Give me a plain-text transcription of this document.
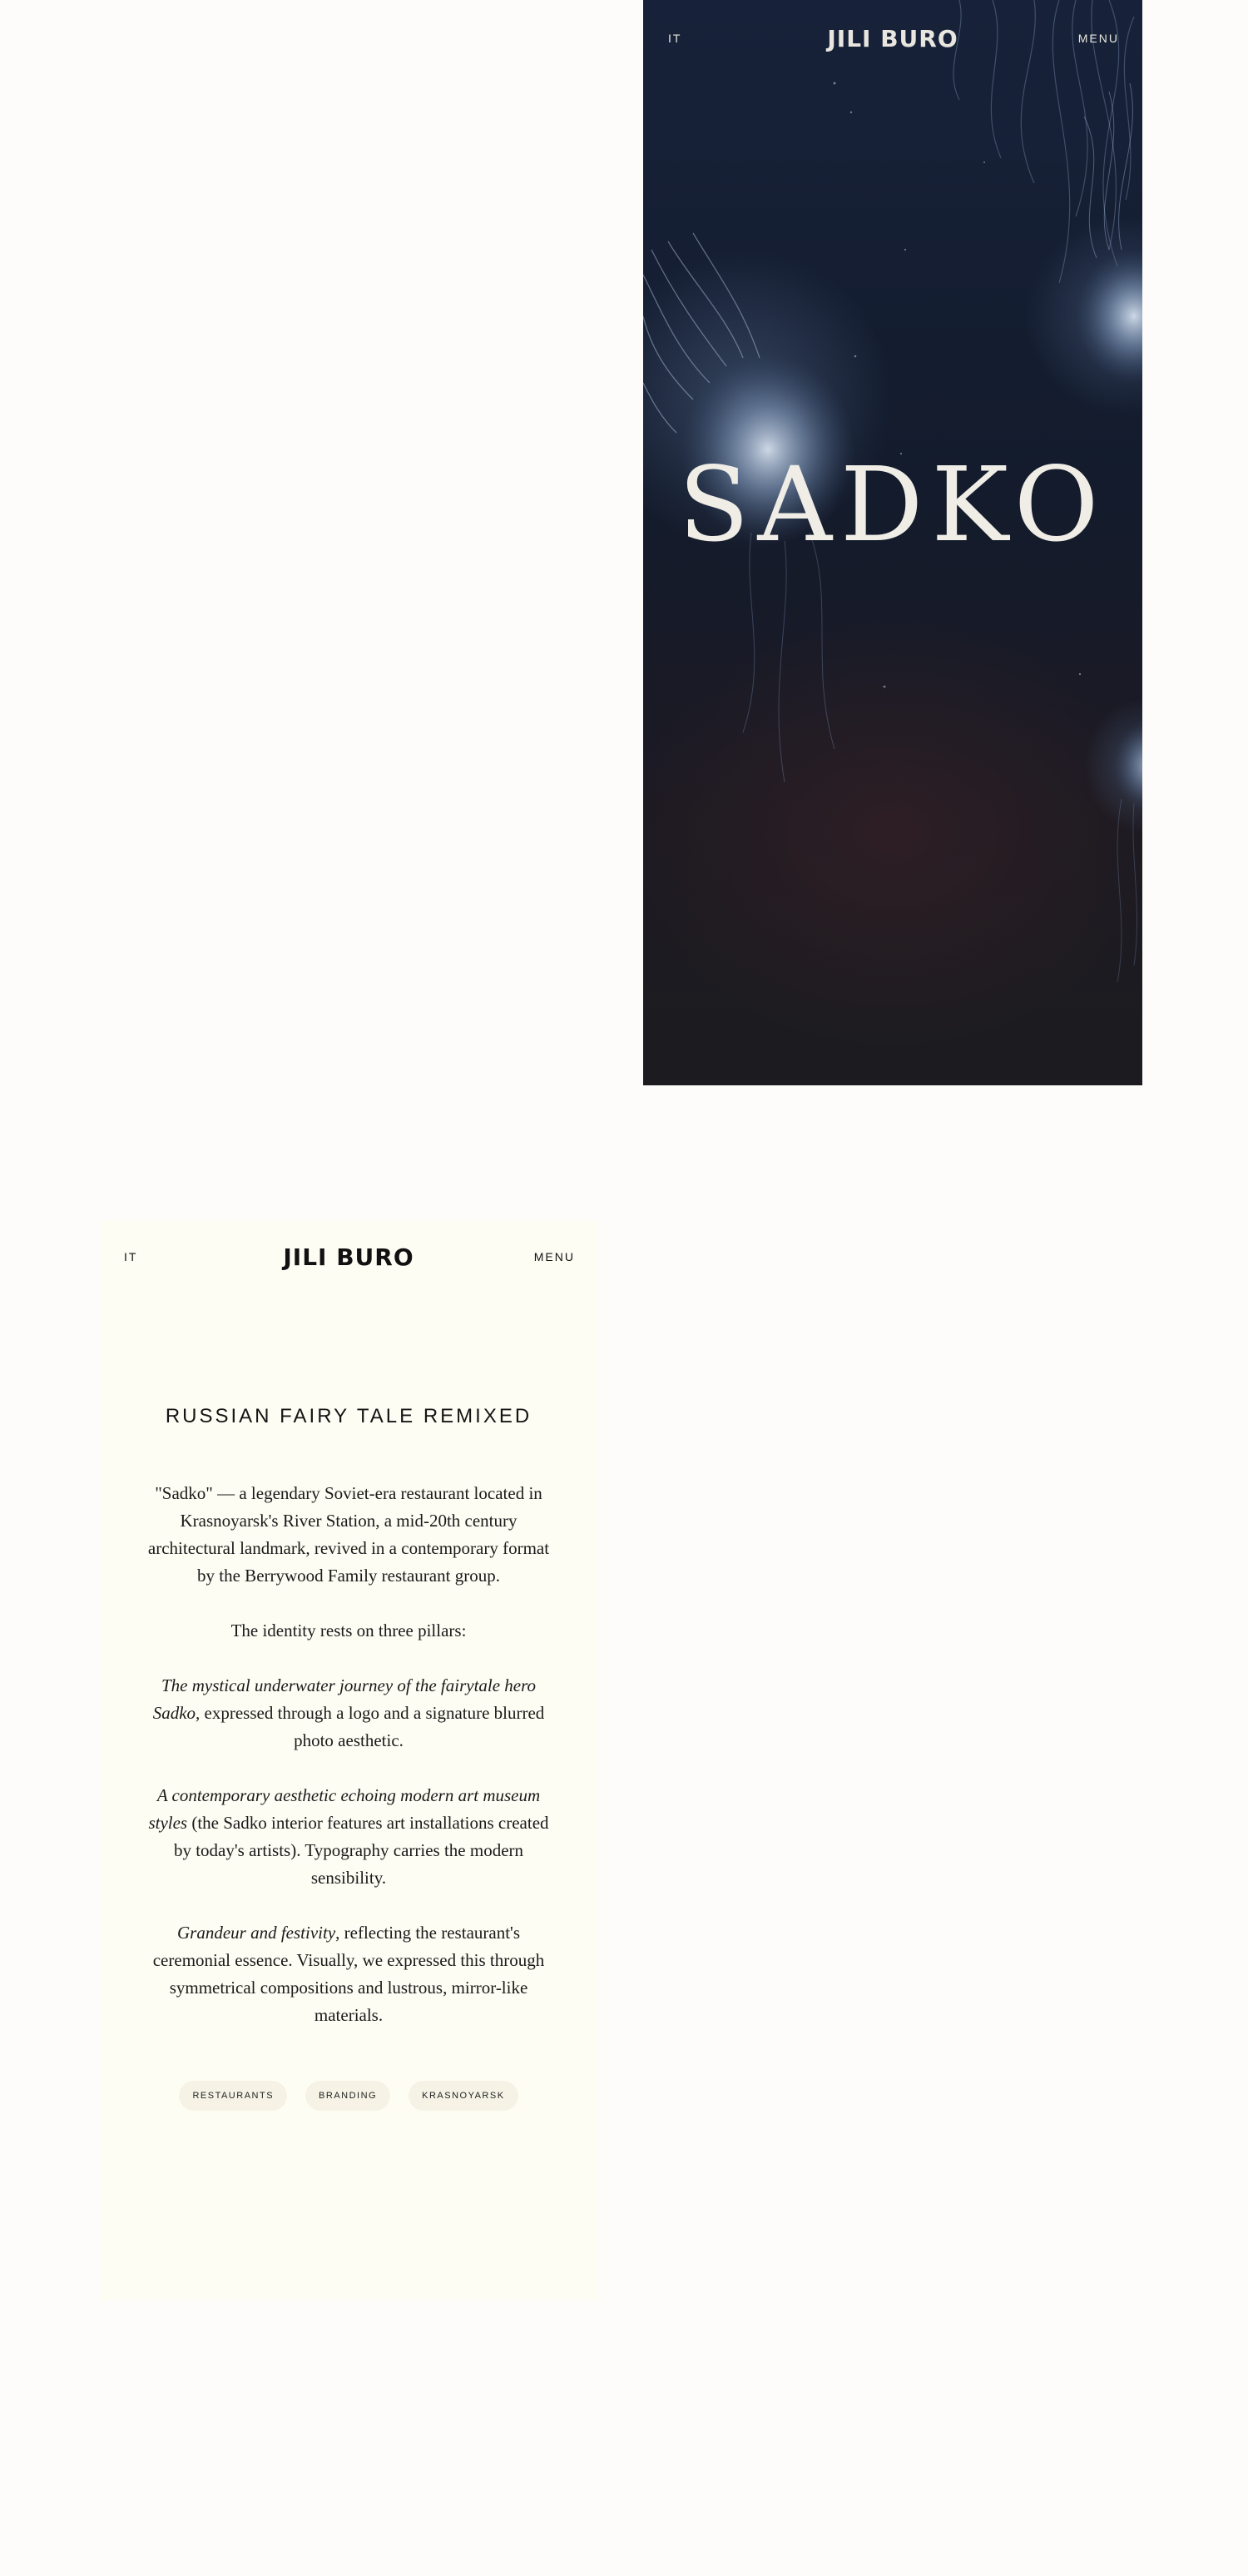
IT	JILI BURO	MENU
SADKO
IT	JILI BURO	MENU
RUSSIAN FAIRY TALE REMIXED

"Sadko" — a legendary Soviet-era restaurant located in Krasnoyarsk's River Station, a mid-20th century architectural landmark, revived in a contemporary format by the Berrywood Family restaurant group.

The identity rests on three pillars:

The mystical underwater journey of the fairytale hero Sadko, expressed through a logo and a signature blurred photo aesthetic.

A contemporary aesthetic echoing modern art museum styles (the Sadko interior features art installations created by today's artists). Typography carries the modern sensibility.

Grandeur and festivity, reflecting the restaurant's ceremonial essence. Visually, we expressed this through symmetrical compositions and lustrous, mirror-like materials.

RESTAURANTS	BRANDING	KRASNOYARSK
